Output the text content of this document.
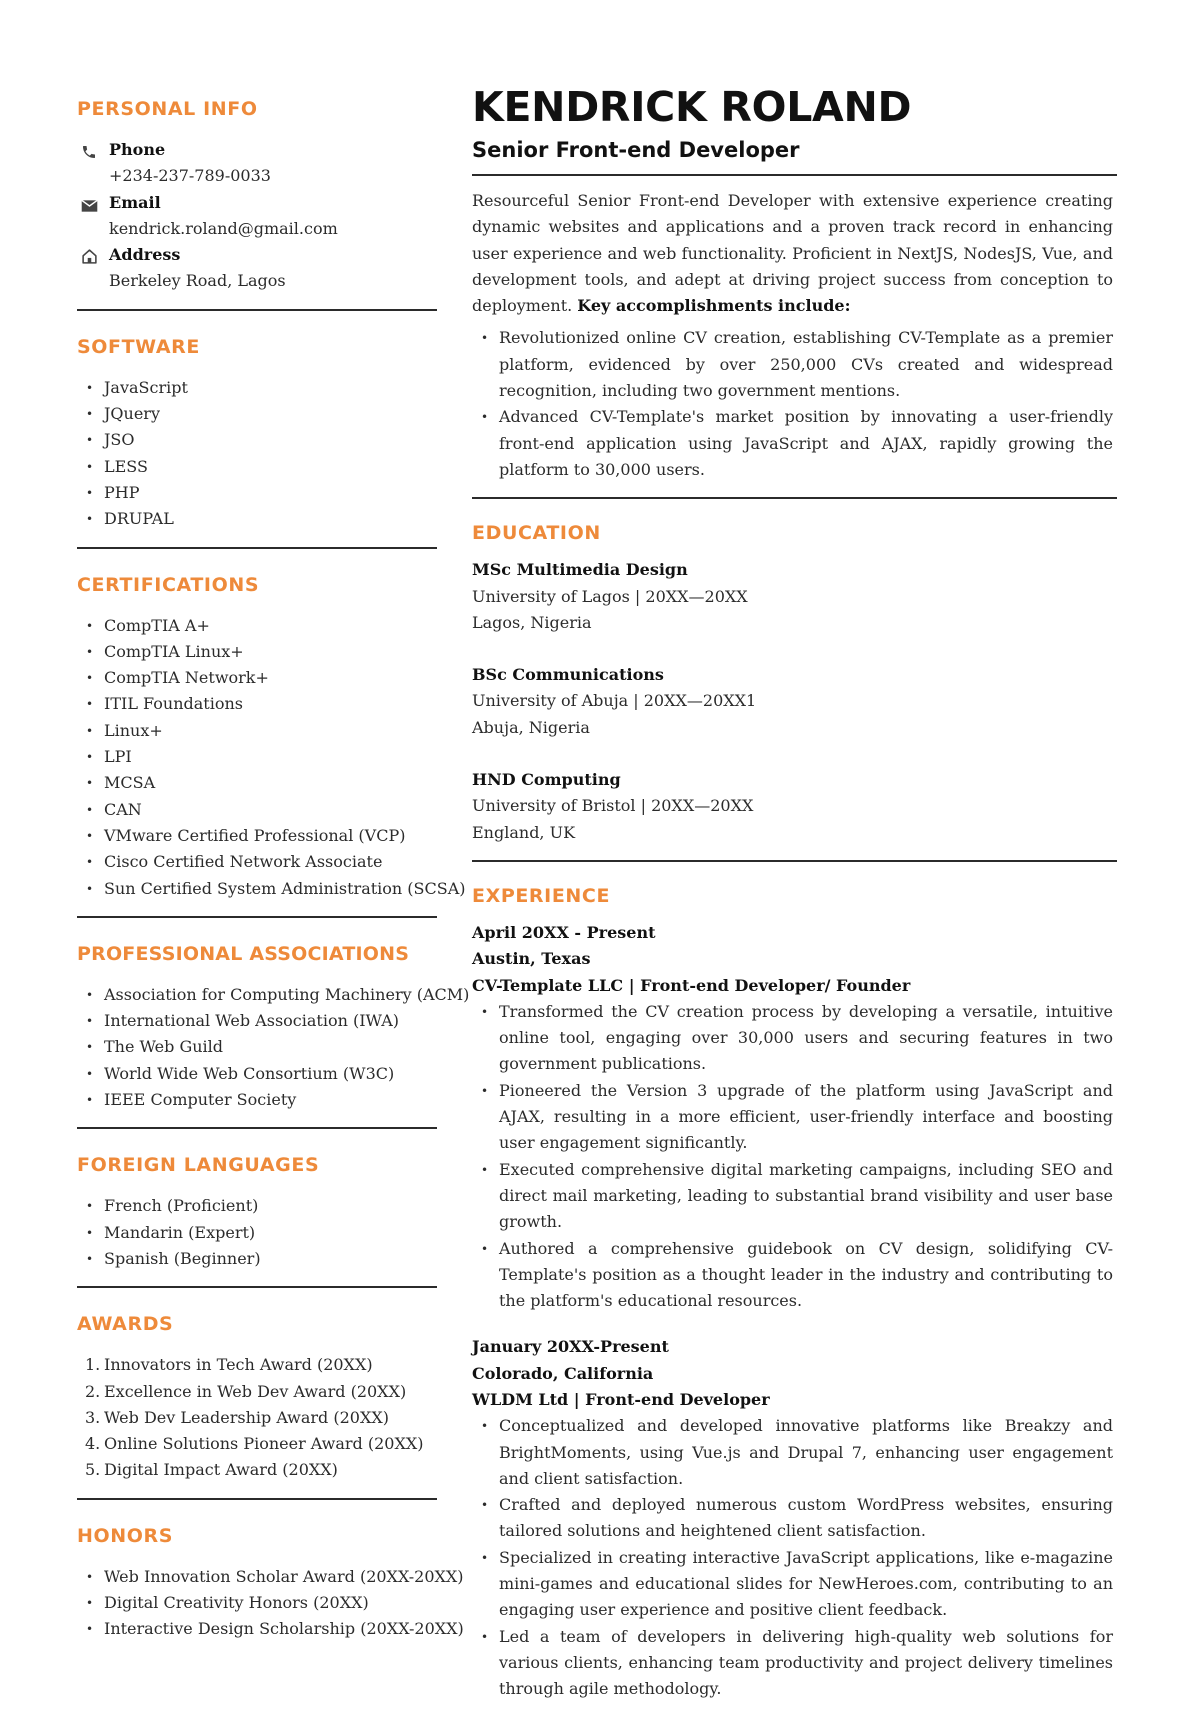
PERSONAL INFO
Phone
+234-237-789-0033
Email
kendrick.roland@gmail.com
Address
Berkeley Road, Lagos
SOFTWARE
• JavaScript
• JQuery
• JSO
• LESS
• PHP
• DRUPAL
CERTIFICATIONS
• CompTIA A+
• CompTIA Linux+
• CompTIA Network+
• ITIL Foundations
• Linux+
• LPI
• MCSA
• CAN
• VMware Certified Professional (VCP)
• Cisco Certified Network Associate
• Sun Certified System Administration (SCSA)
PROFESSIONAL ASSOCIATIONS
• Association for Computing Machinery (ACM)
• International Web Association (IWA)
• The Web Guild
• World Wide Web Consortium (W3C)
• IEEE Computer Society
FOREIGN LANGUAGES
• French (Proficient)
• Mandarin (Expert)
• Spanish (Beginner)
AWARDS
1. Innovators in Tech Award (20XX)
2. Excellence in Web Dev Award (20XX)
3. Web Dev Leadership Award (20XX)
4. Online Solutions Pioneer Award (20XX)
5. Digital Impact Award (20XX)
HONORS
• Web Innovation Scholar Award (20XX-20XX)
• Digital Creativity Honors (20XX)
• Interactive Design Scholarship (20XX-20XX)
KENDRICK ROLAND
Senior Front-end Developer

Resourceful Senior Front-end Developer with extensive experience creating dynamic websites and applications and a proven track record in enhancing user experience and web functionality. Proficient in NextJS, NodesJS, Vue, and development tools, and adept at driving project success from conception to deployment. Key accomplishments include:

• Revolutionized online CV creation, establishing CV-Template as a premier platform, evidenced by over 250,000 CVs created and widespread recognition, including two government mentions.
• Advanced CV-Template's market position by innovating a user-friendly front-end application using JavaScript and AJAX, rapidly growing the platform to 30,000 users.
EDUCATION
MSc Multimedia Design
University of Lagos | 20XX—20XX
Lagos, Nigeria
BSc Communications
University of Abuja | 20XX—20XX1
Abuja, Nigeria
HND Computing
University of Bristol | 20XX—20XX
England, UK
EXPERIENCE
April 20XX - Present
Austin, Texas
CV-Template LLC | Front-end Developer/ Founder
• Transformed the CV creation process by developing a versatile, intuitive online tool, engaging over 30,000 users and securing features in two government publications.
• Pioneered the Version 3 upgrade of the platform using JavaScript and AJAX, resulting in a more efficient, user-friendly interface and boosting user engagement significantly.
• Executed comprehensive digital marketing campaigns, including SEO and direct mail marketing, leading to substantial brand visibility and user base growth.
• Authored a comprehensive guidebook on CV design, solidifying CV-Template's position as a thought leader in the industry and contributing to the platform's educational resources.
January 20XX-Present
Colorado, California
WLDM Ltd | Front-end Developer
• Conceptualized and developed innovative platforms like Breakzy and BrightMoments, using Vue.js and Drupal 7, enhancing user engagement and client satisfaction.
• Crafted and deployed numerous custom WordPress websites, ensuring tailored solutions and heightened client satisfaction.
• Specialized in creating interactive JavaScript applications, like e-magazine mini-games and educational slides for NewHeroes.com, contributing to an engaging user experience and positive client feedback.
• Led a team of developers in delivering high-quality web solutions for various clients, enhancing team productivity and project delivery timelines through agile methodology.
